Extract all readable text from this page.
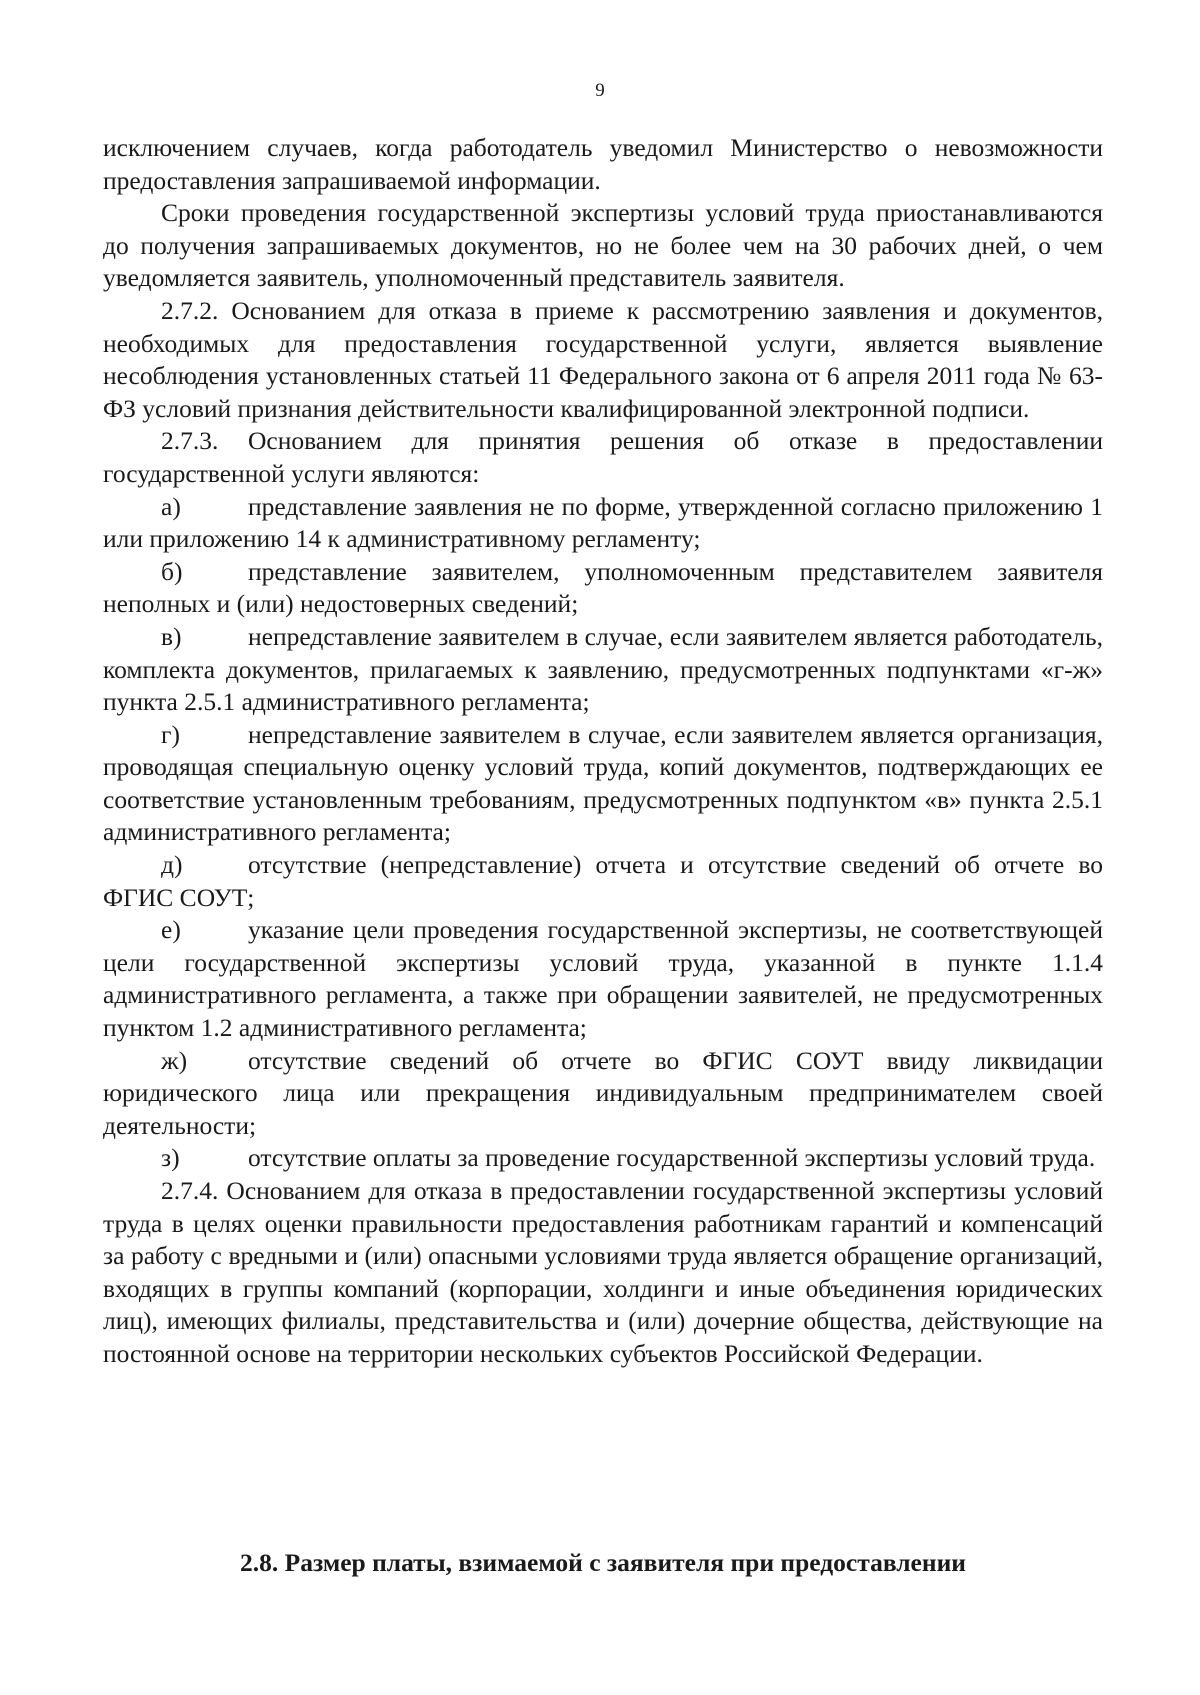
9

исключением случаев, когда работодатель уведомил Министерство о невозможности предоставления запрашиваемой информации.

Сроки проведения государственной экспертизы условий труда приостанавливаются до получения запрашиваемых документов, но не более чем на 30 рабочих дней, о чем уведомляется заявитель, уполномоченный представитель заявителя.

2.7.2. Основанием для отказа в приеме к рассмотрению заявления и документов, необходимых для предоставления государственной услуги, является выявление несоблюдения установленных статьей 11 Федерального закона от 6 апреля 2011 года № 63-ФЗ условий признания действительности квалифицированной электронной подписи.

2.7.3. Основанием для принятия решения об отказе в предоставлении государственной услуги являются:

а)	представление заявления не по форме, утвержденной согласно приложению 1 или приложению 14 к административному регламенту;

б)	представление заявителем, уполномоченным представителем заявителя неполных и (или) недостоверных сведений;

в)	непредставление заявителем в случае, если заявителем является работодатель, комплекта документов, прилагаемых к заявлению, предусмотренных подпунктами «г-ж» пункта 2.5.1 административного регламента;

г)	непредставление заявителем в случае, если заявителем является организация, проводящая специальную оценку условий труда, копий документов, подтверждающих ее соответствие установленным требованиям, предусмотренных подпунктом «в» пункта 2.5.1 административного регламента;

д)	отсутствие (непредставление) отчета и отсутствие сведений об отчете во ФГИС СОУТ;

е)	указание цели проведения государственной экспертизы, не соответствующей цели государственной экспертизы условий труда, указанной в пункте 1.1.4 административного регламента, а также при обращении заявителей, не предусмотренных пунктом 1.2 административного регламента;

ж) отсутствие сведений об отчете во ФГИС СОУТ ввиду ликвидации юридического лица или прекращения индивидуальным предпринимателем своей деятельности;

з)	отсутствие оплаты за проведение государственной экспертизы условий труда.

2.7.4. Основанием для отказа в предоставлении государственной экспертизы условий труда в целях оценки правильности предоставления работникам гарантий и компенсаций за работу с вредными и (или) опасными условиями труда является обращение организаций, входящих в группы компаний (корпорации, холдинги и иные объединения юридических лиц), имеющих филиалы, представительства и (или) дочерние общества, действующие на постоянной основе на территории нескольких субъектов Российской Федерации.

2.8. Размер платы, взимаемой с заявителя при предоставлении
